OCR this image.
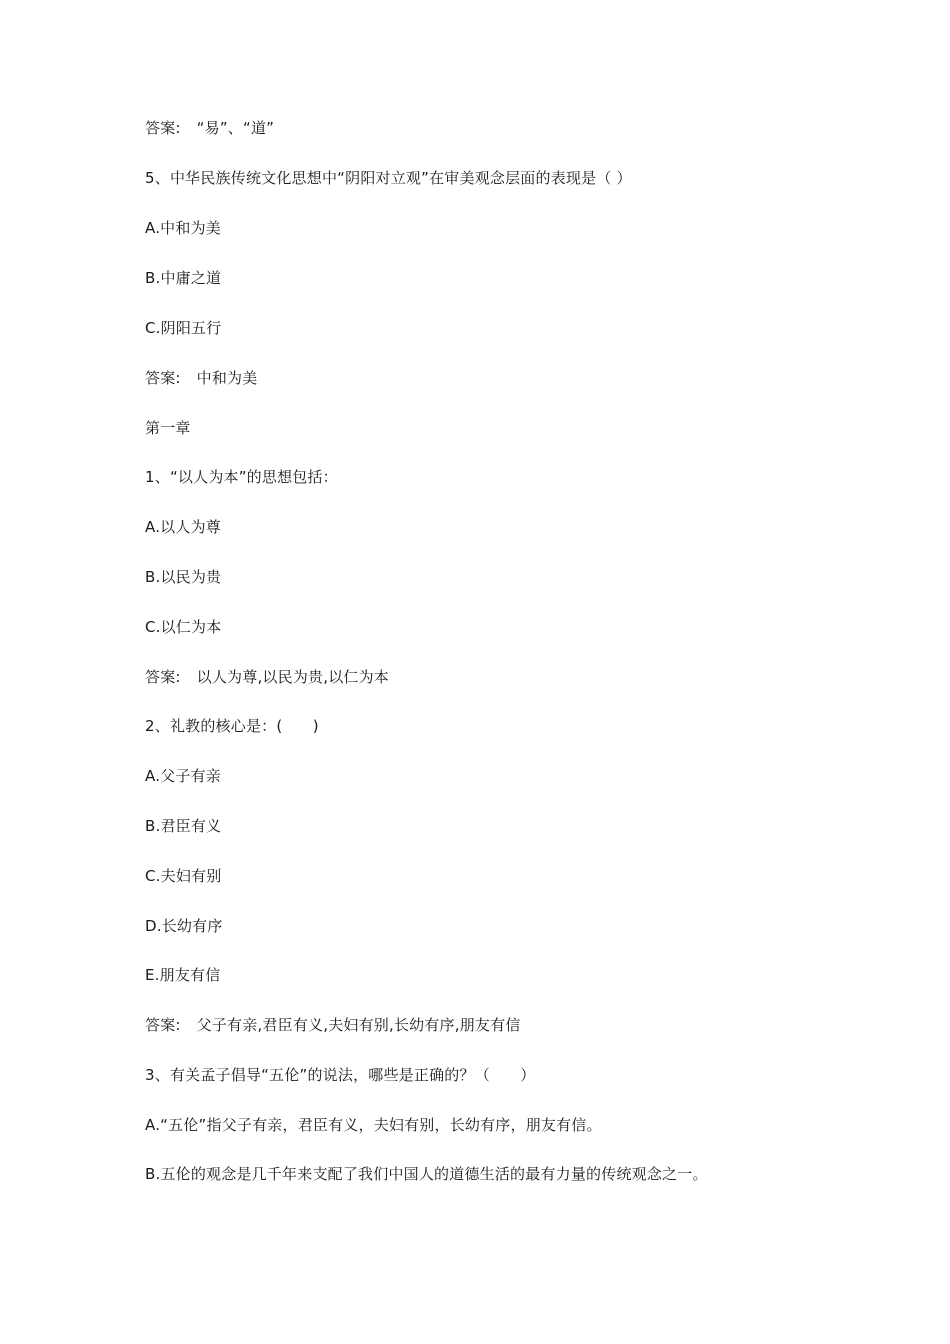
答案: “易”、“道”
5、中华民族传统文化思想中“阴阳对立观”在审美观念层面的表现是（ ）
A.中和为美
B.中庸之道
C.阴阳五行
答案: 中和为美
第一章
1、“以人为本”的思想包括：
A.以人为尊
B.以民为贵
C.以仁为本
答案: 以人为尊,以民为贵,以仁为本
2、礼教的核心是：(　　)
A.父子有亲
B.君臣有义
C.夫妇有别
D.长幼有序
E.朋友有信
答案: 父子有亲,君臣有义,夫妇有别,长幼有序,朋友有信
3、有关孟子倡导“五伦”的说法，哪些是正确的？（　　）
A.“五伦”指父子有亲，君臣有义，夫妇有别，长幼有序，朋友有信。
B.五伦的观念是几千年来支配了我们中国人的道德生活的最有力量的传统观念之一。
